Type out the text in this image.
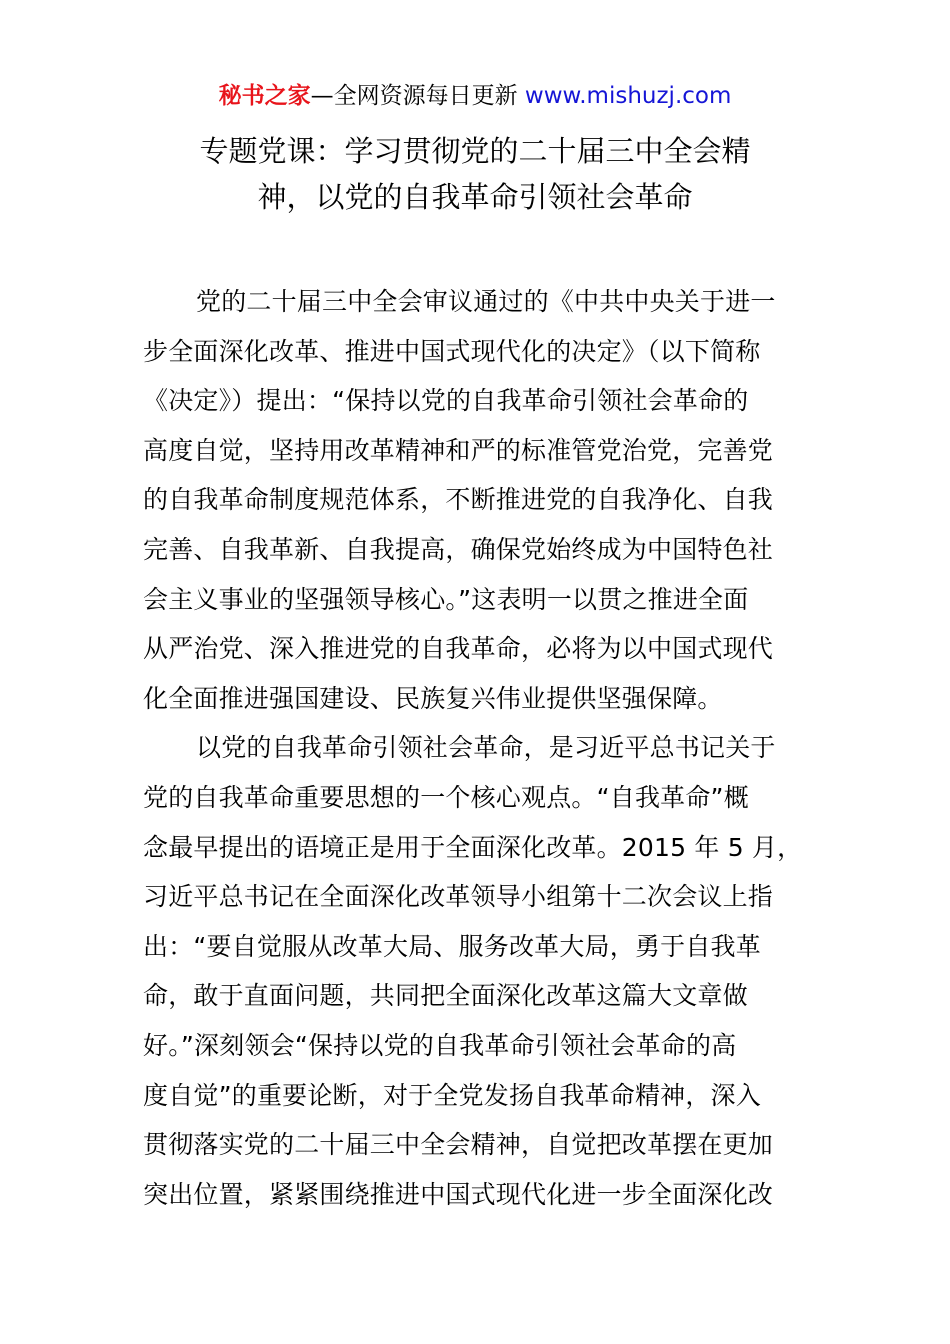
秘书之家—全网资源每日更新 www.mishuzj.com
专题党课：学习贯彻党的二十届三中全会精
神，以党的自我革命引领社会革命
党的二十届三中全会审议通过的《中共中央关于进一
步全面深化改革、推进中国式现代化的决定》（以下简称
《决定》）提出：“保持以党的自我革命引领社会革命的
高度自觉，坚持用改革精神和严的标准管党治党，完善党
的自我革命制度规范体系，不断推进党的自我净化、自我
完善、自我革新、自我提高，确保党始终成为中国特色社
会主义事业的坚强领导核心。”这表明一以贯之推进全面
从严治党、深入推进党的自我革命，必将为以中国式现代
化全面推进强国建设、民族复兴伟业提供坚强保障。
以党的自我革命引领社会革命，是习近平总书记关于
党的自我革命重要思想的一个核心观点。“自我革命”概
念最早提出的语境正是用于全面深化改革。2015 年 5 月，
习近平总书记在全面深化改革领导小组第十二次会议上指
出：“要自觉服从改革大局、服务改革大局，勇于自我革
命，敢于直面问题，共同把全面深化改革这篇大文章做
好。”深刻领会“保持以党的自我革命引领社会革命的高
度自觉”的重要论断，对于全党发扬自我革命精神，深入
贯彻落实党的二十届三中全会精神，自觉把改革摆在更加
突出位置，紧紧围绕推进中国式现代化进一步全面深化改
